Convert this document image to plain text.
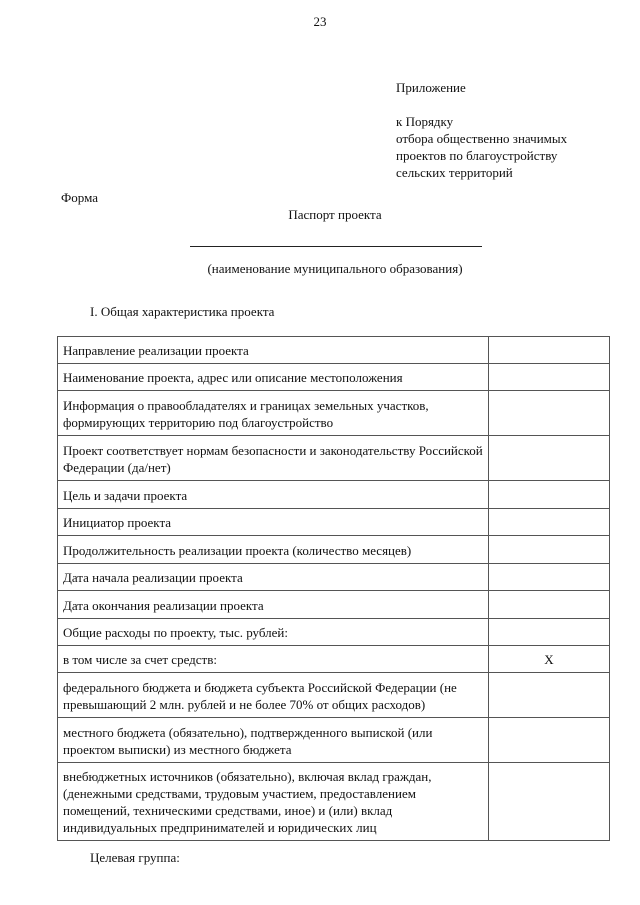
23
Приложение
к Порядку
отбора общественно значимых
проектов по благоустройству
сельских территорий
Форма
Паспорт проекта
(наименование муниципального образования)
I. Общая характеристика проекта
Направление реализации проекта	
Наименование проекта, адрес или описание местоположения	
Информация о правообладателях и границах земельных участков, формирующих территорию под благоустройство	
Проект соответствует нормам безопасности и законодательству Российской Федерации (да/нет)	
Цель и задачи проекта	
Инициатор проекта	
Продолжительность реализации проекта (количество месяцев)	
Дата начала реализации проекта	
Дата окончания реализации проекта	
Общие расходы по проекту, тыс. рублей:	
в том числе за счет средств:	X
федерального бюджета и бюджета субъекта Российской Федерации (не превышающий 2 млн. рублей и не более 70% от общих расходов)	
местного бюджета (обязательно), подтвержденного выпиской (или проектом выписки) из местного бюджета	
внебюджетных источников (обязательно), включая вклад граждан, (денежными средствами, трудовым участием, предоставлением помещений, техническими средствами, иное) и (или) вклад индивидуальных предпринимателей и юридических лиц	
Целевая группа:
